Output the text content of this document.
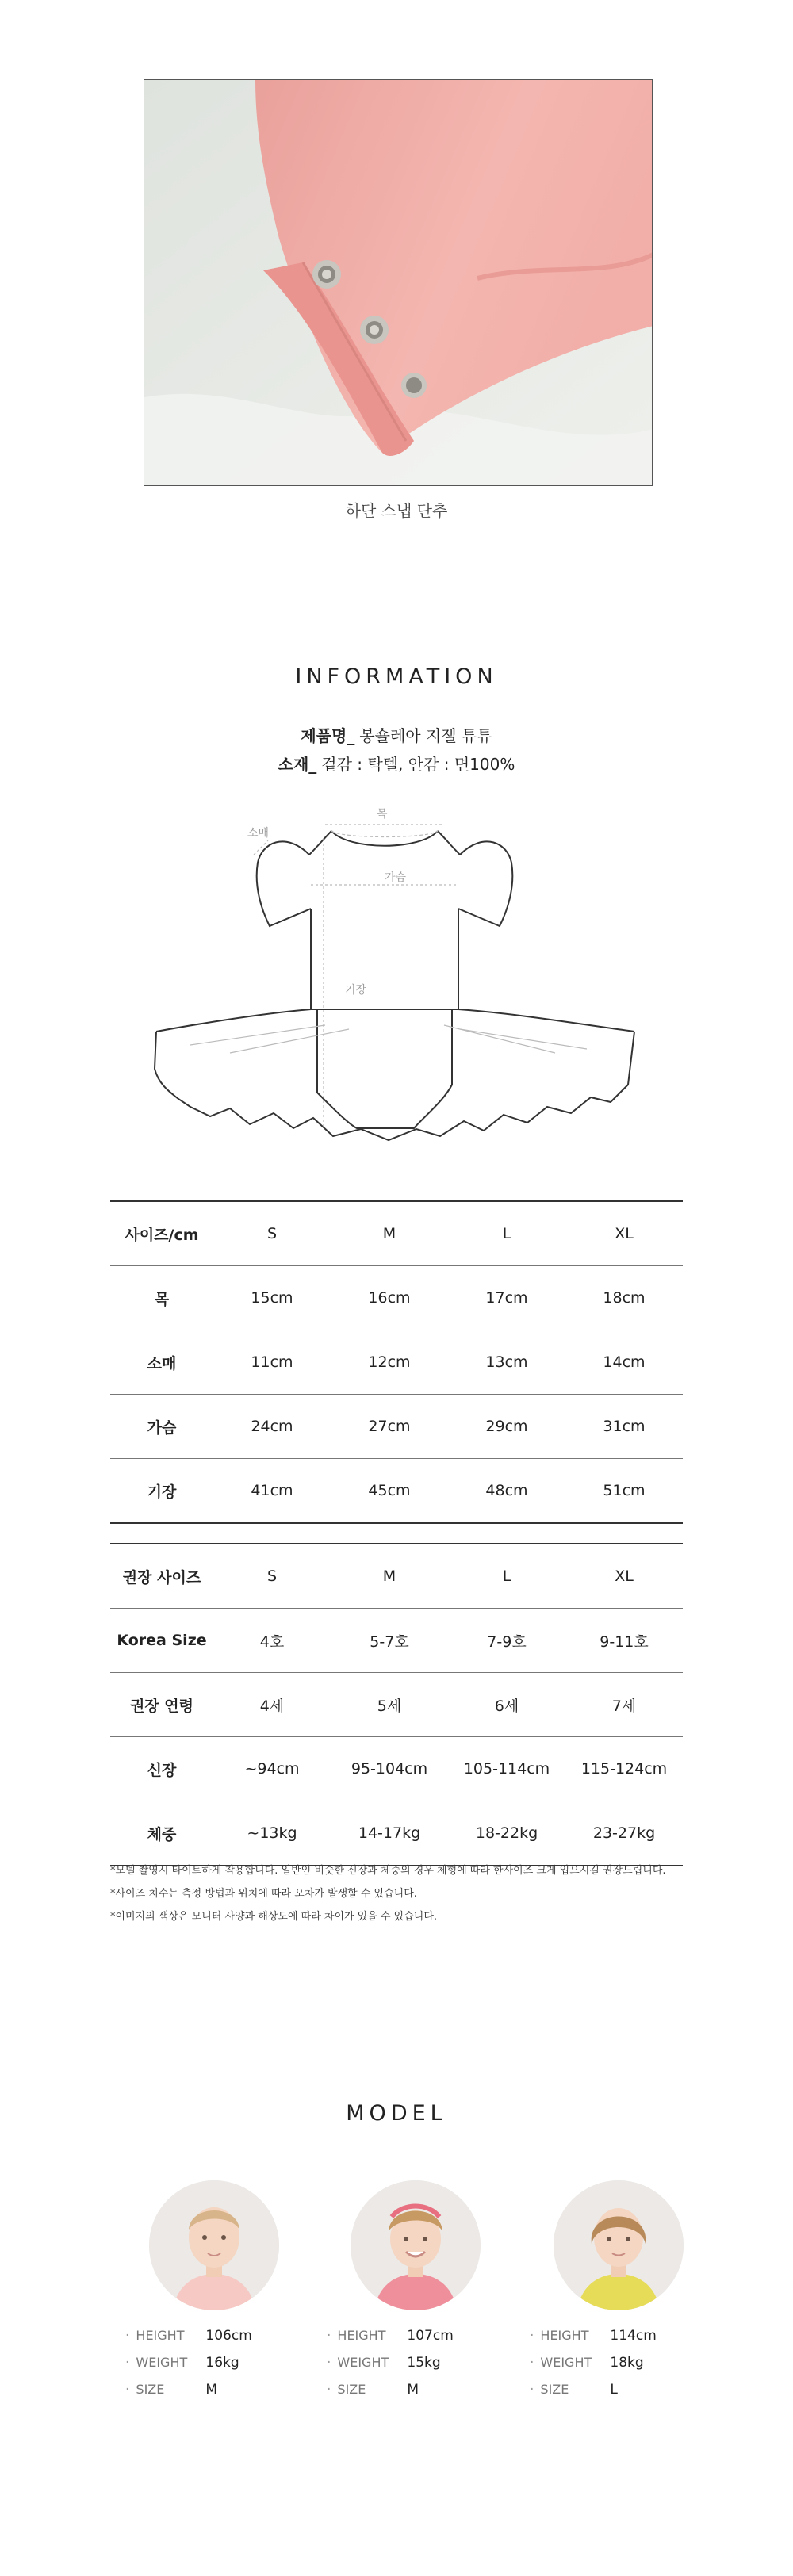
하단 스냅 단추
INFORMATION
제품명_ 봉숄레아 지젤 튜튜
소재_ 겉감 : 탁텔, 안감 : 면100%
목
소매
가슴
기장
사이즈/cm	S	M	L	XL
목	15cm	16cm	17cm	18cm
소매	11cm	12cm	13cm	14cm
가슴	24cm	27cm	29cm	31cm
기장	41cm	45cm	48cm	51cm
권장 사이즈	S	M	L	XL
Korea Size	4호	5-7호	7-9호	9-11호
권장 연령	4세	5세	6세	7세
신장	~94cm	95-104cm	105-114cm	115-124cm
체중	~13kg	14-17kg	18-22kg	23-27kg
*모델 촬영시 타이트하게 착용합니다. 일반인 비슷한 신장과 체중의 경우 체형에 따라 한사이즈 크게 입으시길 권장드립니다.
*사이즈 치수는 측정 방법과 위치에 따라 오차가 발생할 수 있습니다.
*이미지의 색상은 모니터 사양과 해상도에 따라 차이가 있을 수 있습니다.
MODEL
· HEIGHT 106cm
· WEIGHT 16kg
· SIZE	M
· HEIGHT 107cm
· WEIGHT 15kg
· SIZE	M
· HEIGHT 114cm
· WEIGHT 18kg
· SIZE	L
